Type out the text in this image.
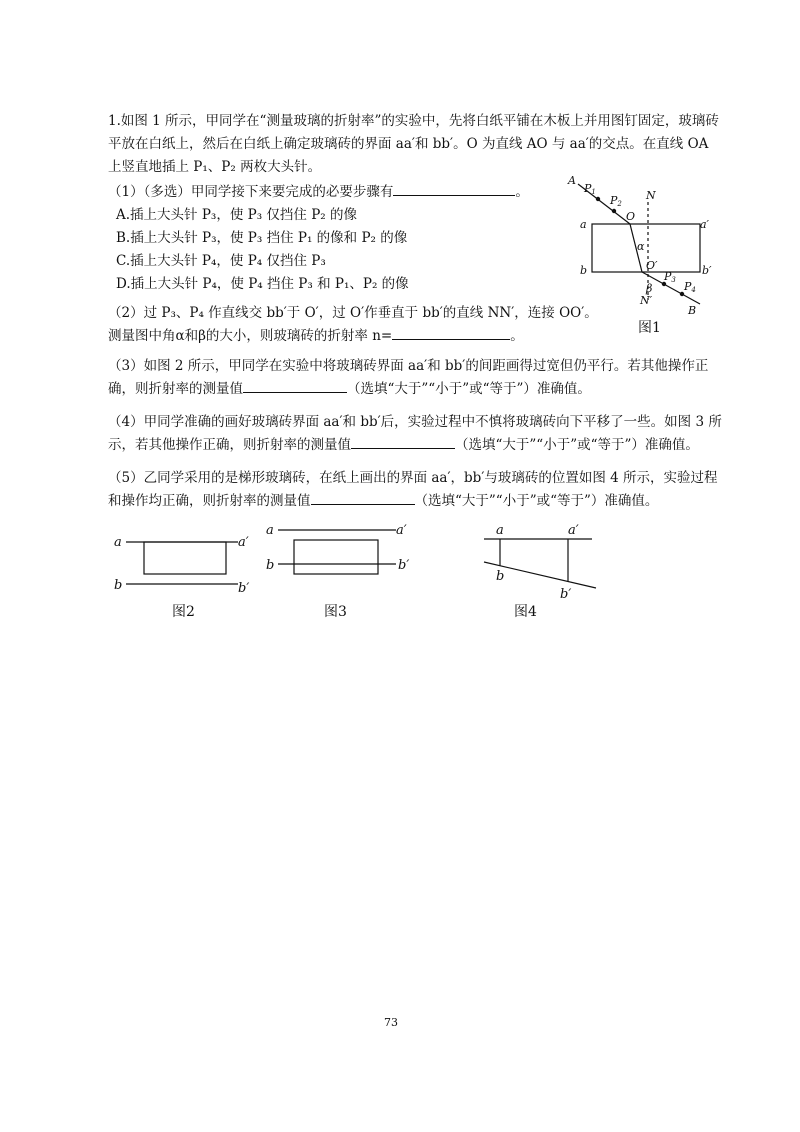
1.如图 1 所示，甲同学在“测量玻璃的折射率”的实验中，先将白纸平铺在木板上并用图钉固定，玻璃砖平放在白纸上，然后在白纸上确定玻璃砖的界面 aa′和 bb′。O 为直线 AO 与 aa′的交点。在直线 OA 上竖直地插上 P₁、P₂ 两枚大头针。
（1）（多选）甲同学接下来要完成的必要步骤有	。
A.插上大头针 P₃，使 P₃ 仅挡住 P₂ 的像
B.插上大头针 P₃，使 P₃ 挡住 P₁ 的像和 P₂ 的像
C.插上大头针 P₄，使 P₄ 仅挡住 P₃
D.插上大头针 P₄，使 P₄ 挡住 P₃ 和 P₁、P₂ 的像
（2）过 P₃、P₄ 作直线交 bb′于 O′，过 O′作垂直于 bb′的直线 NN′，连接 OO′。
测量图中角α和β的大小，则玻璃砖的折射率 n=	。
A
P1
P2
N
O
a	a′
α
b	O′	b′
P3
β	P4
N′
B
图1
（3）如图 2 所示，甲同学在实验中将玻璃砖界面 aa′和 bb′的间距画得过宽但仍平行。若其他操作正
确，则折射率的测量值	（选填“大于”“小于”或“等于”）准确值。
（4）甲同学准确的画好玻璃砖界面 aa′和 bb′后，实验过程中不慎将玻璃砖向下平移了一些。如图 3 所
示，若其他操作正确，则折射率的测量值	（选填“大于”“小于”或“等于”）准确值。
（5）乙同学采用的是梯形玻璃砖，在纸上画出的界面 aa′，bb′与玻璃砖的位置如图 4 所示，实验过程
和操作均正确，则折射率的测量值	（选填“大于”“小于”或“等于”）准确值。
a	a′
b	b′
图2
a	a′
b	b′
图3
a	a′
b
b′
图4
73
